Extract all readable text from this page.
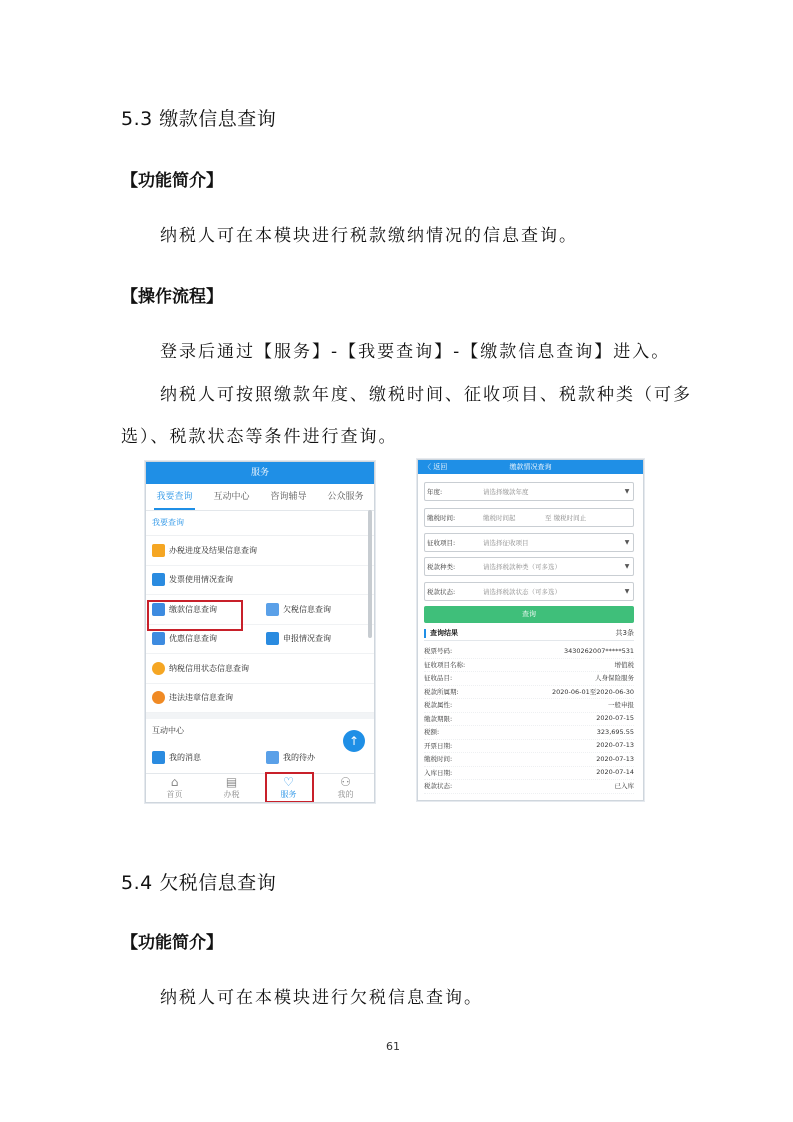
5.3 缴款信息查询
【功能简介】
纳税人可在本模块进行税款缴纳情况的信息查询。
【操作流程】
登录后通过【服务】-【我要查询】-【缴款信息查询】进入。
纳税人可按照缴款年度、缴税时间、征收项目、税款种类（可多
选）、税款状态等条件进行查询。
服务
我要查询	互动中心	咨询辅导	公众服务
我要查询
办税进度及结果信息查询
发票使用情况查询
缴款信息查询	欠税信息查询
优惠信息查询	申报情况查询
纳税信用状态信息查询
违法违章信息查询
互动中心
我的消息	我的待办
↑
⌂
首页
▤
办税
♡
服务
⚇
我的
〈 返回	缴款情况查询
年度:	请选择缴款年度	▼
缴税时间:	缴税时间起	至 缴税时间止
征收项目:	请选择征收项目	▼
税款种类:	请选择税款种类（可多选）	▼
税款状态:	请选择税款状态（可多选）	▼
查询
查询结果	共3条
税票号码:	3430262007*****531
征收项目名称:	增值税
征收品目:	人身保险服务
税款所属期:	2020-06-01至2020-06-30
税款属性:	一般申报
缴款期限:	2020-07-15
税额:	323,695.55
开票日期:	2020-07-13
缴税时间:	2020-07-13
入库日期:	2020-07-14
税款状态:	已入库
5.4 欠税信息查询
【功能简介】
纳税人可在本模块进行欠税信息查询。
61
